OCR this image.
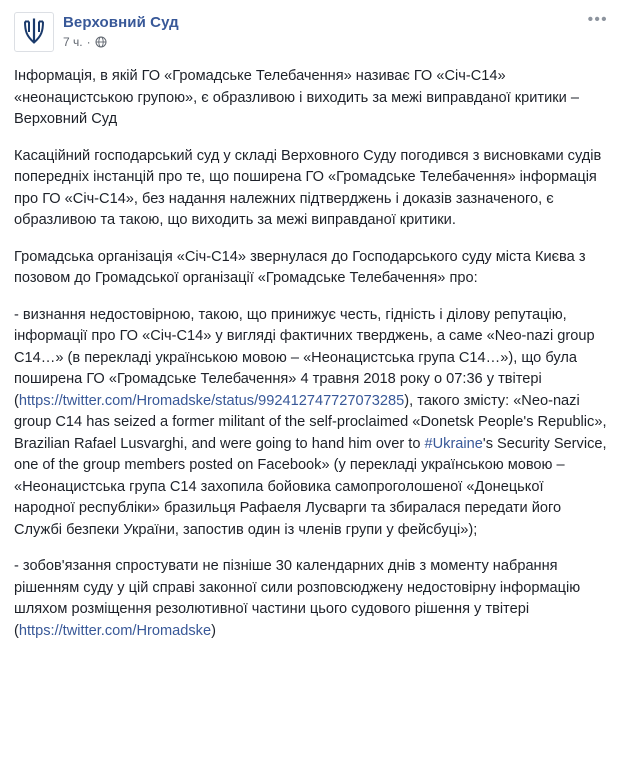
Верховний Суд
7 ч. ·
•••

Інформація, в якій ГО «Громадське Телебачення» називає ГО «Січ-С14» «неонацистською групою», є образливою і виходить за межі виправданої критики – Верховний Суд

Касаційний господарський суд у складі Верховного Суду погодився з висновками судів попередніх інстанцій про те, що поширена ГО «Громадське Телебачення» інформація про ГО «Січ-С14», без надання належних підтверджень і доказів зазначеного, є образливою та такою, що виходить за межі виправданої критики.

Громадська організація «Січ-С14» звернулася до Господарського суду міста Києва з позовом до Громадської організації «Громадське Телебачення» про:

- визнання недостовірною, такою, що принижує честь, гідність і ділову репутацію, інформації про ГО «Січ-С14» у вигляді фактичних тверджень, а саме «Neo-nazi group C14…» (в перекладі українською мовою – «Неонацистська група С14…»), що була поширена ГО «Громадське Телебачення» 4 травня 2018 року о 07:36 у твітері (https://twitter.com/Hromadske/status/992412747727073285), такого змісту: «Neo-nazi group C14 has seized a former militant of the self-proclaimed «Donetsk People's Republic», Brazilian Rafael Lusvarghi, and were going to hand him over to #Ukraine's Security Service, one of the group members posted on Facebook» (у перекладі українською мовою – «Неонацистська група С14 захопила бойовика самопроголошеної «Донецької народної республіки» бразильця Рафаеля Лусварги та збиралася передати його Службі безпеки України, запостив один із членів групи у фейсбуці»);

- зобов'язання спростувати не пізніше 30 календарних днів з моменту набрання рішенням суду у цій справі законної сили розповсюджену недостовірну інформацію шляхом розміщення резолютивної частини цього судового рішення у твітері (https://twitter.com/Hromadske)
